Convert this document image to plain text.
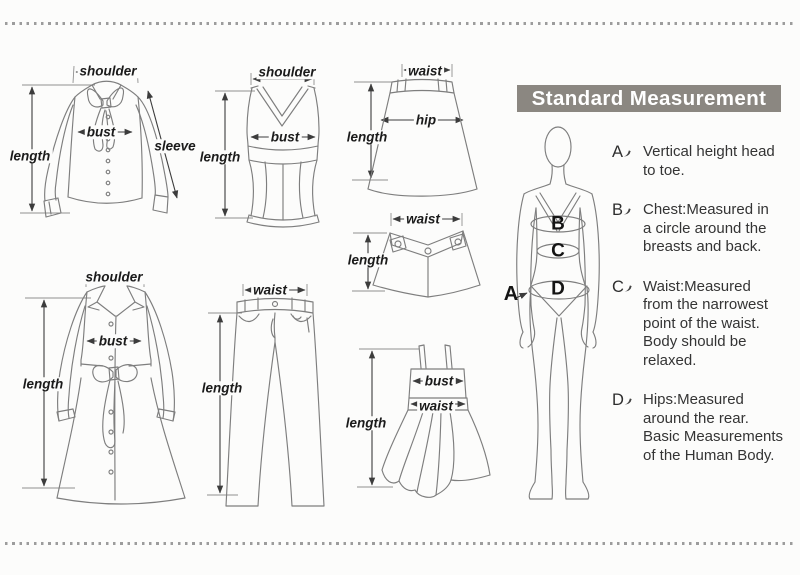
shoulder
length
bust
sleeve
shoulder
bust
length
waist
hip
length
waist
length
shoulder
bust
length
waist
length	bust
waist
length
A
B
C
D
Standard Measurement
A	Vertical height head
to toe.
B	Chest:Measured in
a circle around the
breasts and back.
C	Waist:Measured
from the narrowest
point of the waist.
Body should be
relaxed.
D	Hips:Measured
around the rear.
Basic Measurements
of the Human Body.
